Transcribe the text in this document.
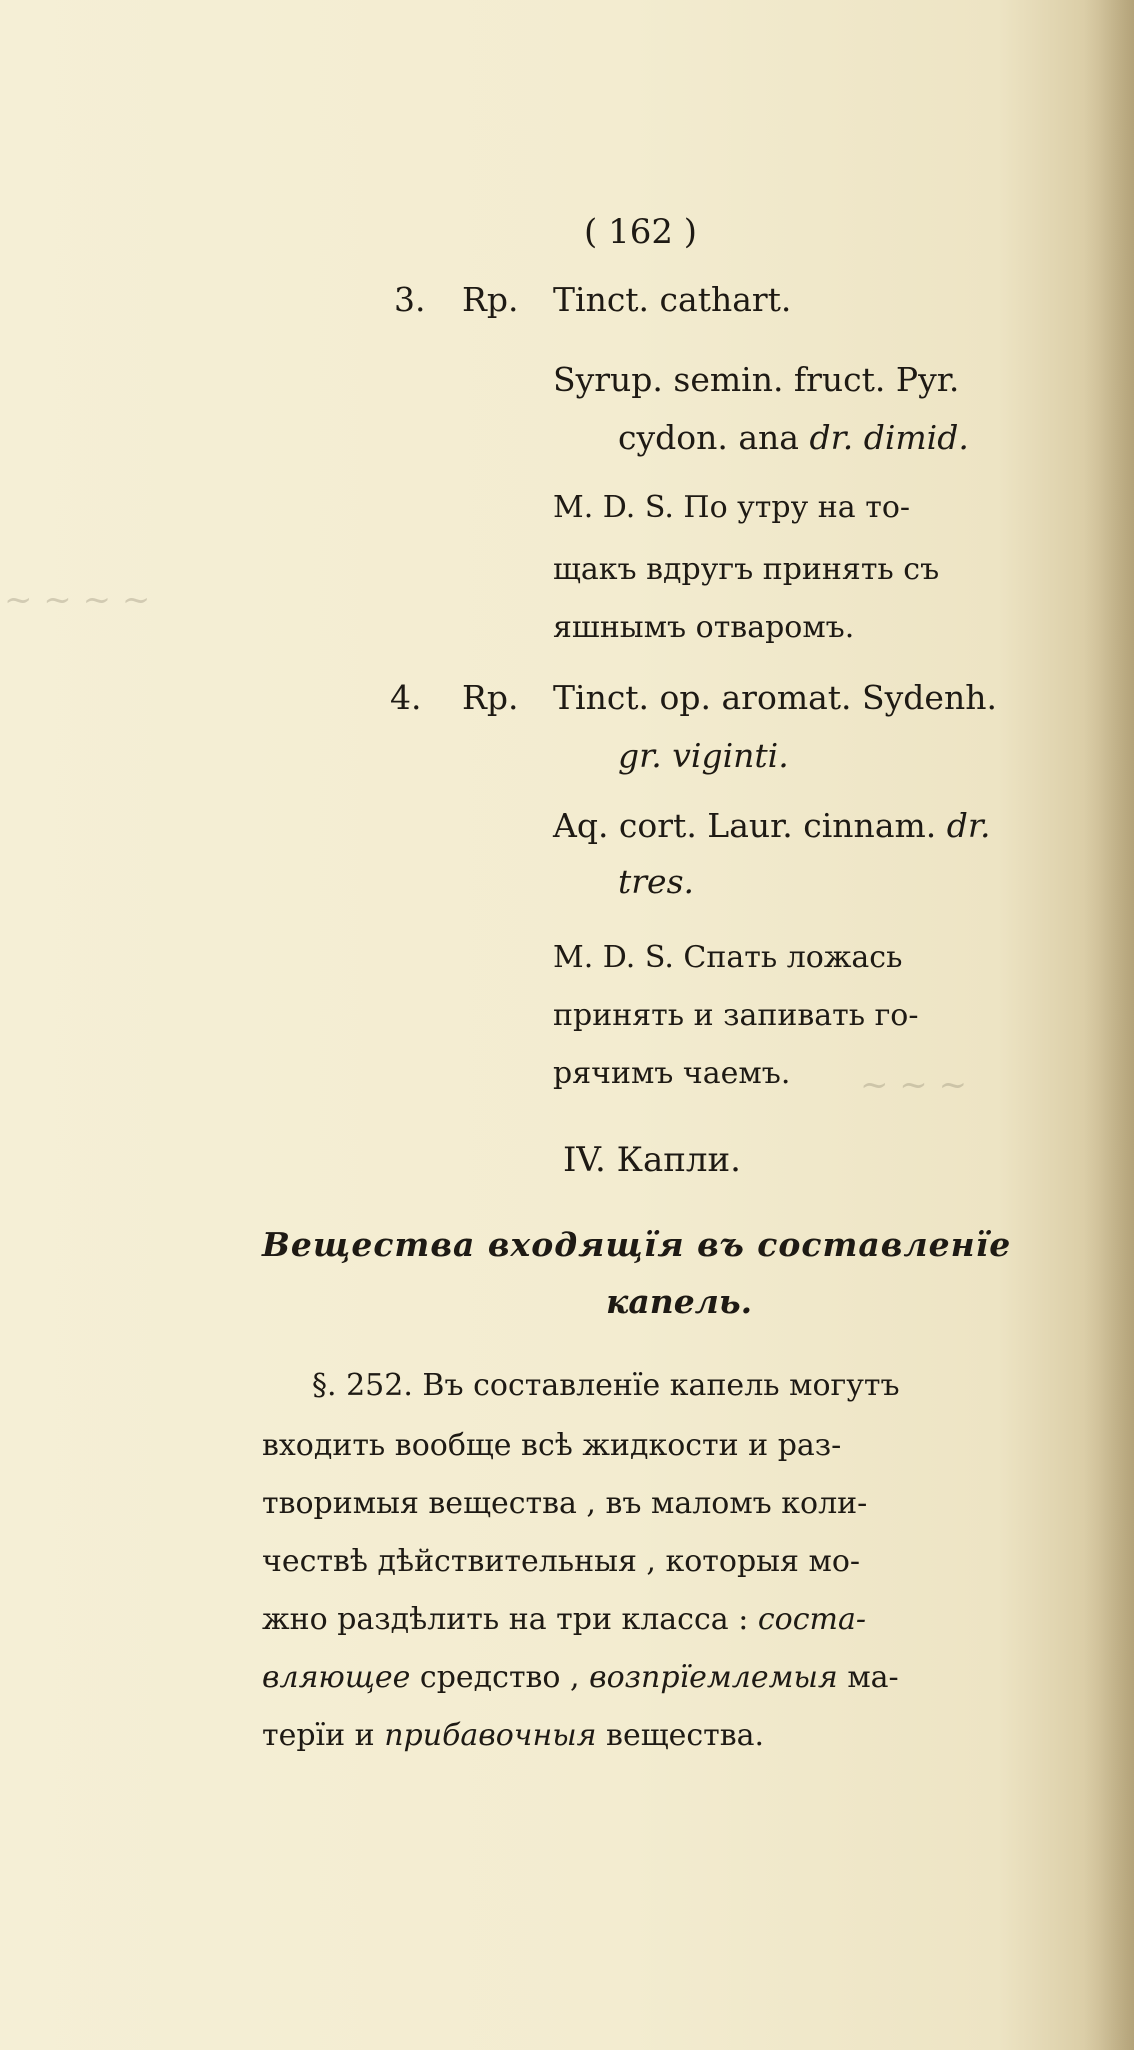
~ ~ ~ ~
~ ~ ~
( 162 )
3. Rp. Tinct. cathart.
Syrup. semin. fruct. Pyr.
cydon. ana dr. dimid.
M. D. S. По утру на то-
щакъ вдругъ принять съ
яшнымъ отваромъ.
4. Rp. Tinct. op. aromat. Sydenh.
gr. viginti.
Aq. cort. Laur. cinnam. dr.
tres.
M. D. S. Спать ложась
принять и запивать го-
рячимъ чаемъ.
IV. Капли.
Вещества входящїя въ составленїе
капель.
§. 252. Въ составленїе капель могутъ
входить вообще всѣ жидкости и раз-
творимыя вещества , въ маломъ коли-
чествѣ дѣйствительныя , которыя мо-
жно раздѣлить на три класса : соста-
вляющее средство , возпрїемлемыя ма-
терїи и прибавочныя вещества.
